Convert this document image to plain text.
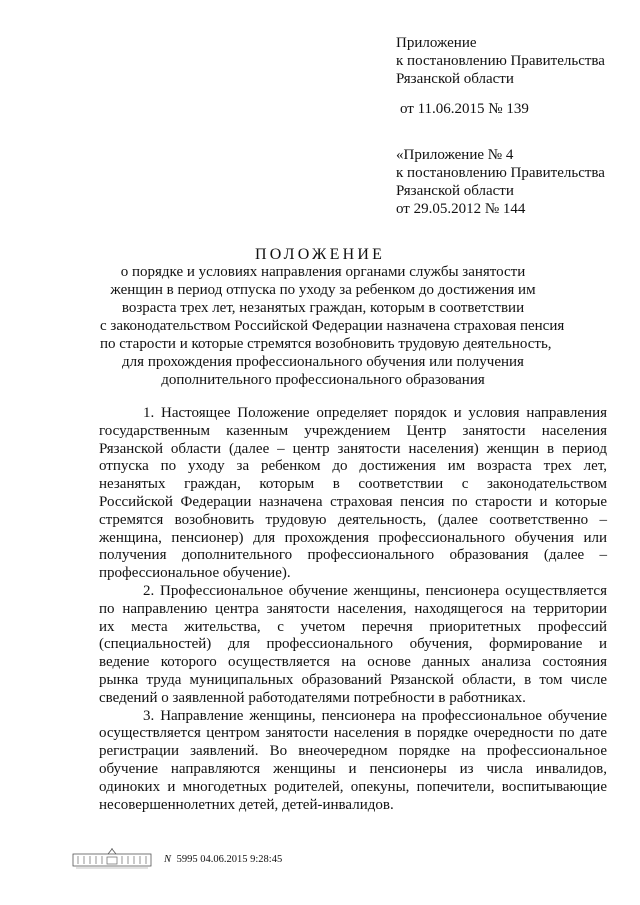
Приложение
к постановлению Правительства
Рязанской области
от 11.06.2015 № 139
«Приложение № 4
к постановлению Правительства
Рязанской области
от 29.05.2012 № 144
ПОЛОЖЕНИЕ
о порядке и условиях направления органами службы занятости
женщин в период отпуска по уходу за ребенком до достижения им
возраста трех лет, незанятых граждан, которым в соответствии
с законодательством Российской Федерации назначена страховая пенсия
по старости и которые стремятся возобновить трудовую деятельность,
для прохождения профессионального обучения или получения
дополнительного профессионального образования
1. Настоящее Положение определяет порядок и условия направления
государственным казенным учреждением Центр занятости населения
Рязанской области (далее – центр занятости населения) женщин в период
отпуска по уходу за ребенком до достижения им возраста трех лет,
незанятых граждан, которым в соответствии с законодательством
Российской Федерации назначена страховая пенсия по старости и которые
стремятся возобновить трудовую деятельность, (далее соответственно –
женщина, пенсионер) для прохождения профессионального обучения или
получения дополнительного профессионального образования (далее –
профессиональное обучение).
2. Профессиональное обучение женщины, пенсионера осуществляется
по направлению центра занятости населения, находящегося на территории
их места жительства, с учетом перечня приоритетных профессий
(специальностей) для профессионального обучения, формирование и
ведение которого осуществляется на основе данных анализа состояния
рынка труда муниципальных образований Рязанской области, в том числе
сведений о заявленной работодателями потребности в работниках.
3. Направление женщины, пенсионера на профессиональное обучение
осуществляется центром занятости населения в порядке очередности по дате
регистрации заявлений. Во внеочередном порядке на профессиональное
обучение направляются женщины и пенсионеры из числа инвалидов,
одиноких и многодетных родителей, опекуны, попечители, воспитывающие
несовершеннолетних детей, детей-инвалидов.
N 5995 04.06.2015 9:28:45
